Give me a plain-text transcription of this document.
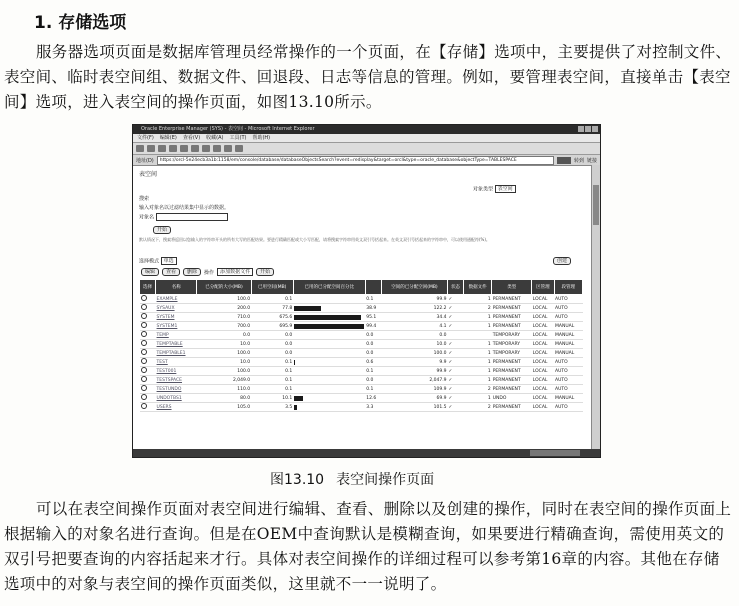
1. 存储选项
服务器选项页面是数据库管理员经常操作的一个页面，在【存储】选项中，主要提供了对控制文件、表空间、临时表空间组、数据文件、回退段、日志等信息的管理。例如，要管理表空间，直接单击【表空间】选项，进入表空间的操作页面，如图13.10所示。
Oracle Enterprise Manager (SYS) - 表空间 - Microsoft Internet Explorer
文件(F) 编辑(E) 查看(V) 收藏(A) 工具(T) 帮助(H)
地址(D)	https://orcl-5e24ecb3a1b:1158/em/console/database/databaseObjectsSearch?event=redisplay&target=orcl&type=oracle_database&objectType=TABLESPACE	转到 链接
表空间
对象类型 表空间
搜索
输入对象名以过滤结果集中显示的数据。
对象名
开始
默认情况下，搜索将返回以您输入的字符串开头的所有大写的匹配结果。要进行精确匹配或大小写匹配，请将搜索字符串用英文双引号括起来。在英文双引号括起来的字符串中，可以使用通配符(%)。
选择模式 单选	创建
编辑	查看	删除	操作	添加数据文件	开始
选择	名称	已分配的大小(MB)	已用空间(MB)	已用的已分配空间百分比		空间的已分配空闲(MB)	状态	数据文件	类型	区管理	段管理
	EXAMPLE	100.0	0.1		0.1	99.9	✓	1	PERMANENT	LOCAL	AUTO
	SYSAUX	200.0	77.8		38.9	122.2	✓	2	PERMANENT	LOCAL	AUTO
	SYSTEM	710.0	675.6		95.1	34.4	✓	1	PERMANENT	LOCAL	AUTO
	SYSTEM1	700.0	695.9		99.4	4.1	✓	1	PERMANENT	LOCAL	MANUAL
	TEMP	0.0	0.0		0.0	0.0			TEMPORARY	LOCAL	MANUAL
	TEMPTABLE	10.0	0.0		0.0	10.0	✓	1	TEMPORARY	LOCAL	MANUAL
	TEMPTABLE1	100.0	0.0		0.0	100.0	✓	1	TEMPORARY	LOCAL	MANUAL
	TEST	10.0	0.1		0.6	9.9	✓	1	PERMANENT	LOCAL	AUTO
	TEST001	100.0	0.1		0.1	99.9	✓	1	PERMANENT	LOCAL	AUTO
	TESTSPACE	2,049.0	0.1		0.0	2,047.9	✓	1	PERMANENT	LOCAL	AUTO
	TESTUNDO	110.0	0.1		0.1	109.9	✓	2	PERMANENT	LOCAL	AUTO
	UNDOTBS1	80.0	10.1		12.6	69.9	✓	1	UNDO	LOCAL	MANUAL
	USERS	105.0	3.5		3.3	101.5	✓	2	PERMANENT	LOCAL	AUTO
图13.10 表空间操作页面
可以在表空间操作页面对表空间进行编辑、查看、删除以及创建的操作，同时在表空间的操作页面上根据输入的对象名进行查询。但是在OEM中查询默认是模糊查询，如果要进行精确查询，需使用英文的双引号把要查询的内容括起来才行。具体对表空间操作的详细过程可以参考第16章的内容。其他在存储选项中的对象与表空间的操作页面类似，这里就不一一说明了。
